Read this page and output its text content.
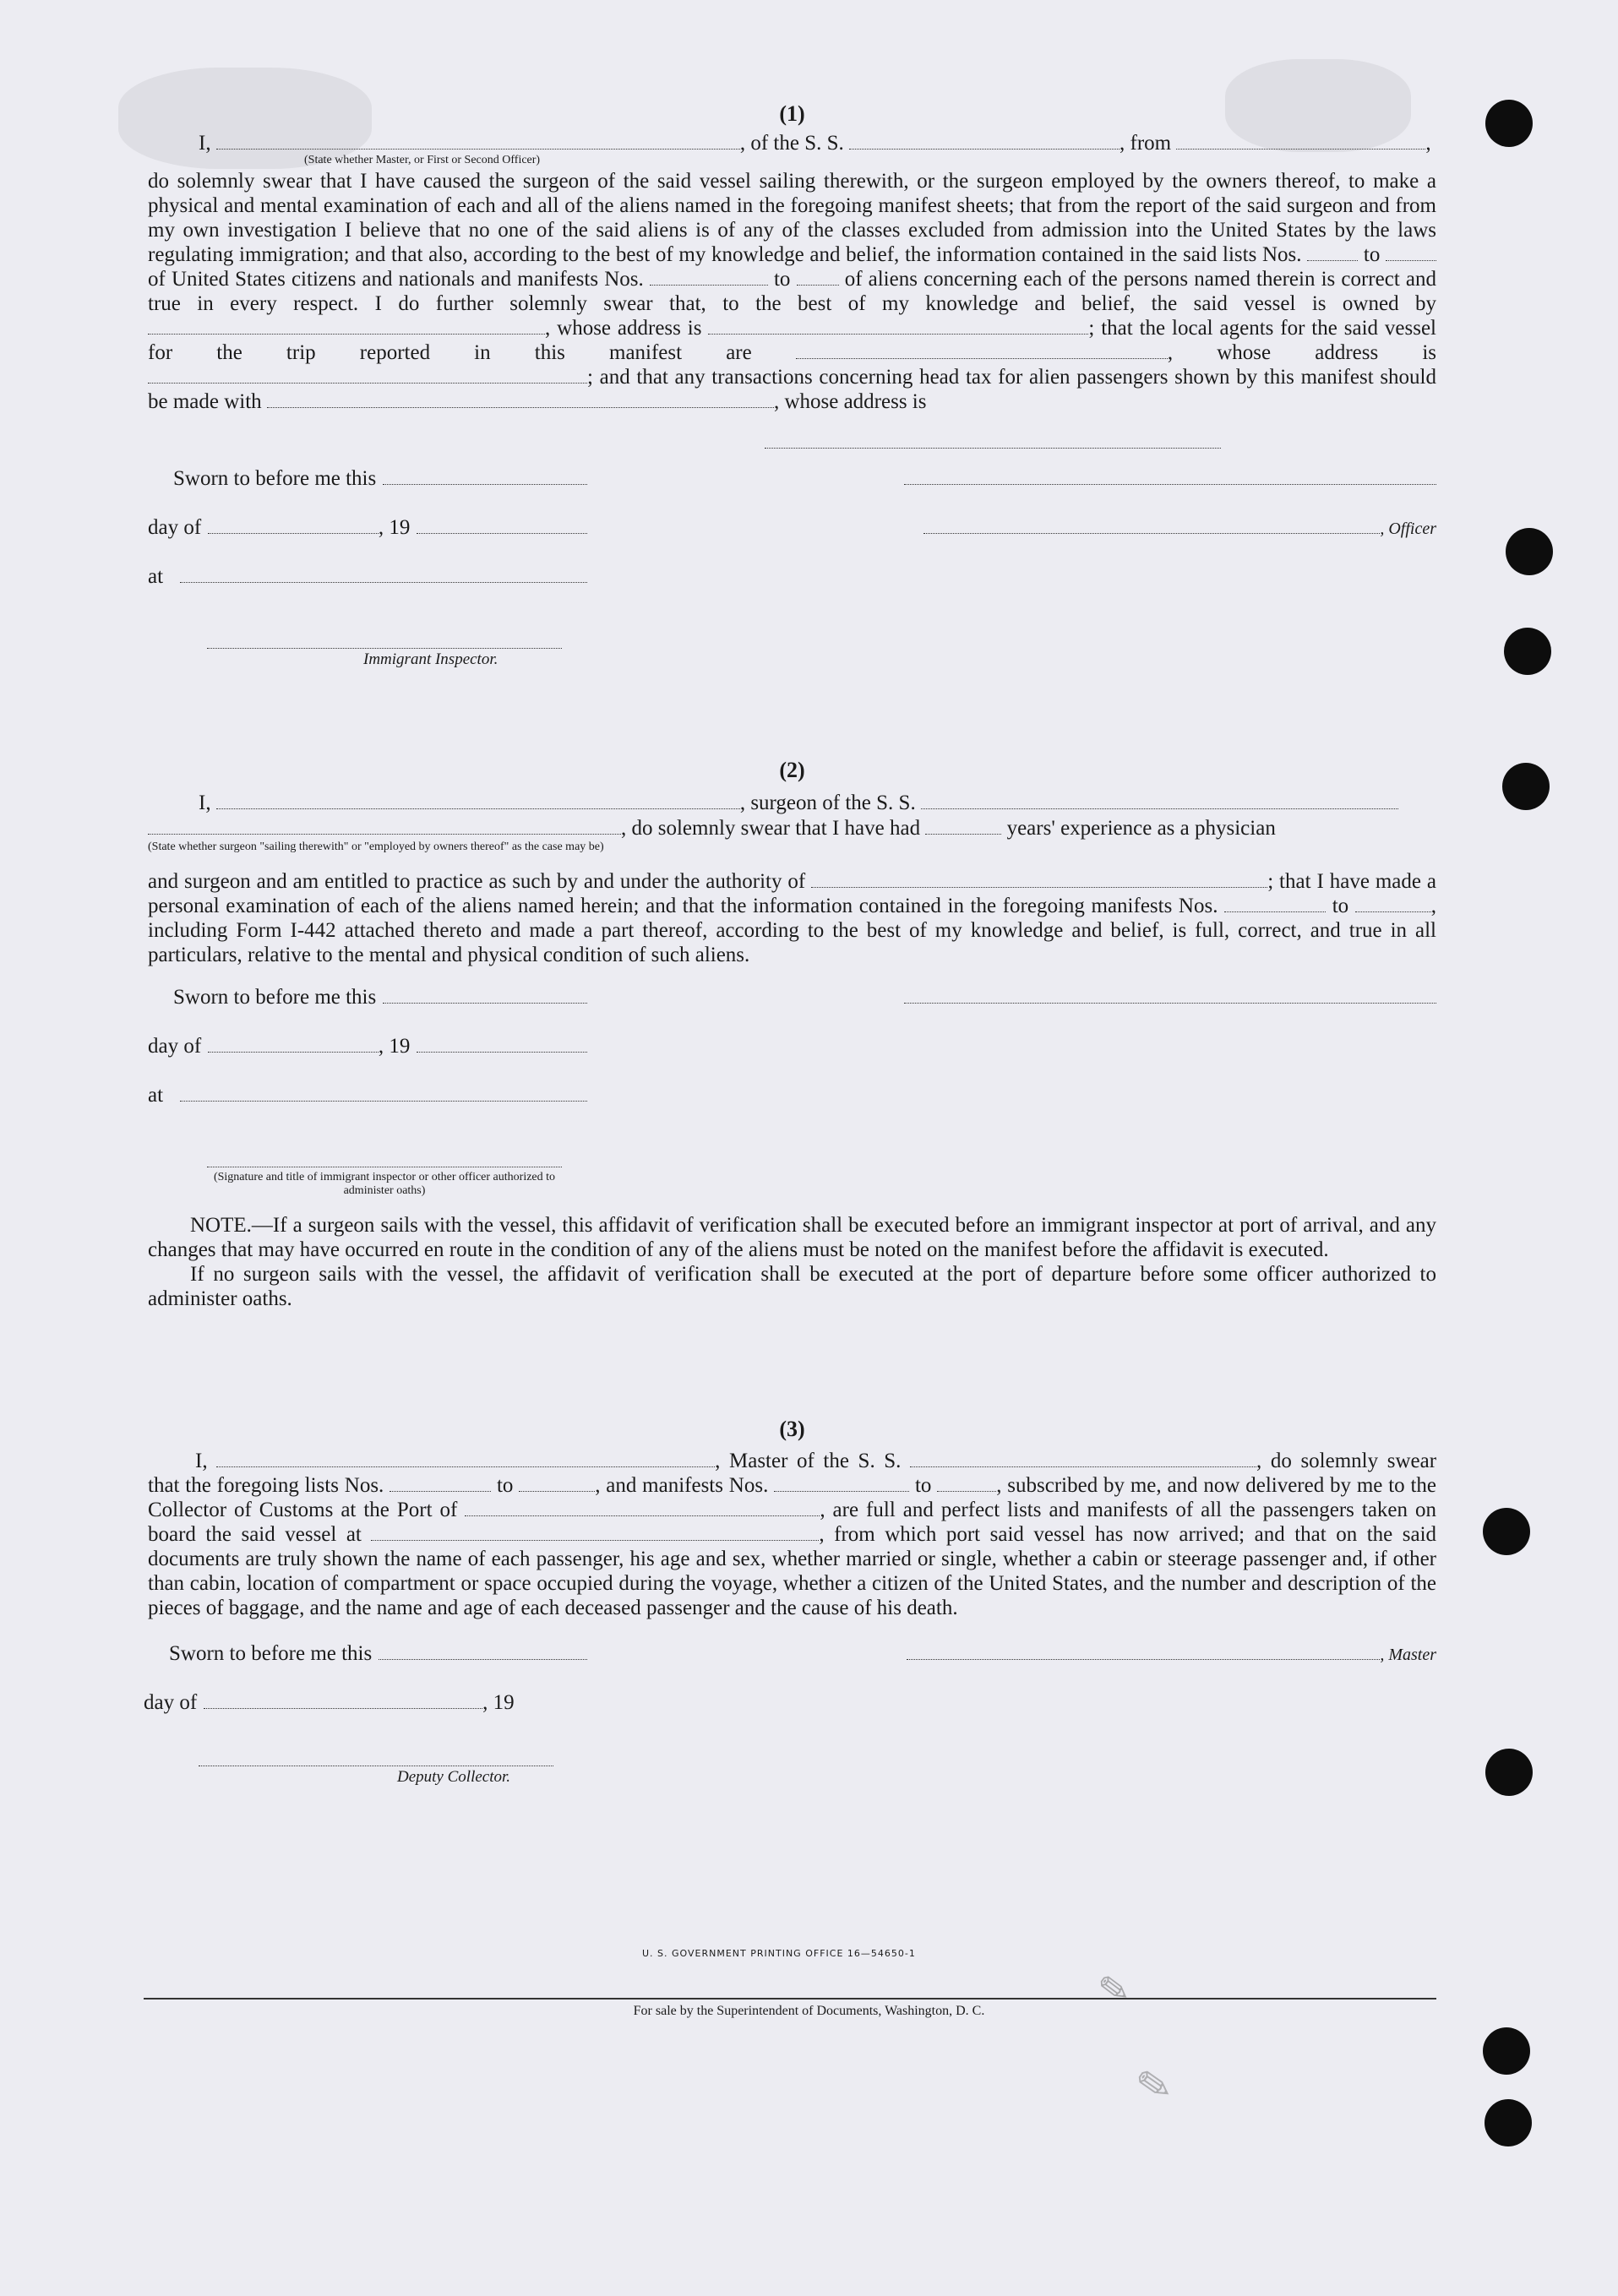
(1)
I,	, of the S. S.	, from	,
(State whether Master, or First or Second Officer)

do solemnly swear that I have caused the surgeon of the said vessel sailing therewith, or the surgeon employed by the owners thereof, to make a physical and mental examination of each and all of the aliens named in the foregoing manifest sheets; that from the report of the said surgeon and from my own investigation I believe that no one of the said aliens is of any of the classes excluded from admission into the United States by the laws regulating immigration; and that also, according to the best of my knowledge and belief, the information contained in the said lists Nos.	to  of United States citizens and nationals and manifests Nos.	to	of aliens concerning each of the persons named therein is correct and true in every respect. I do further solemnly swear that, to the best of my knowledge and belief, the said vessel is owned by , whose address is	; that the local agents for the said vessel for the trip reported in this manifest are	, whose address is ; and that any transactions concerning head tax for alien passengers shown by this manifest should be made with	, whose address is

Sworn to before me this
day of	, 19	, Officer
at
Immigrant Inspector.
(2)
I,	, surgeon of the S. S.
, do solemnly swear that I have had	years' experience as a physician
(State whether surgeon "sailing therewith" or "employed by owners thereof" as the case may be)

and surgeon and am entitled to practice as such by and under the authority of	; that I have made a personal examination of each of the aliens named herein; and that the information contained in the foregoing manifests Nos.	to	, including Form I-442 attached thereto and made a part thereof, according to the best of my knowledge and belief, is full, correct, and true in all particulars, relative to the mental and physical condition of such aliens.

Sworn to before me this
day of	, 19
at
(Signature and title of immigrant inspector or other officer authorized to administer oaths)

NOTE.—If a surgeon sails with the vessel, this affidavit of verification shall be executed before an immigrant inspector at port of arrival, and any changes that may have occurred en route in the condition of any of the aliens must be noted on the manifest before the affidavit is executed.

If no surgeon sails with the vessel, the affidavit of verification shall be executed at the port of departure before some officer authorized to administer oaths.

(3)

I,	, Master of the S. S.	, do solemnly swear that the foregoing lists Nos.	to	, and manifests Nos.	to	, subscribed by me, and now delivered by me to the Collector of Customs at the Port of	, are full and perfect lists and manifests of all the passengers taken on board the said vessel at	, from which port said vessel has now arrived; and that on the said documents are truly shown the name of each passenger, his age and sex, whether married or single, whether a cabin or steerage passenger and, if other than cabin, location of compartment or space occupied during the voyage, whether a citizen of the United States, and the number and description of the pieces of baggage, and the name and age of each deceased passenger and the cause of his death.

Sworn to before me this	, Master
day of	, 19
Deputy Collector.
U. S. GOVERNMENT PRINTING OFFICE 16—54650-1
For sale by the Superintendent of Documents, Washington, D. C.	✎
✎
